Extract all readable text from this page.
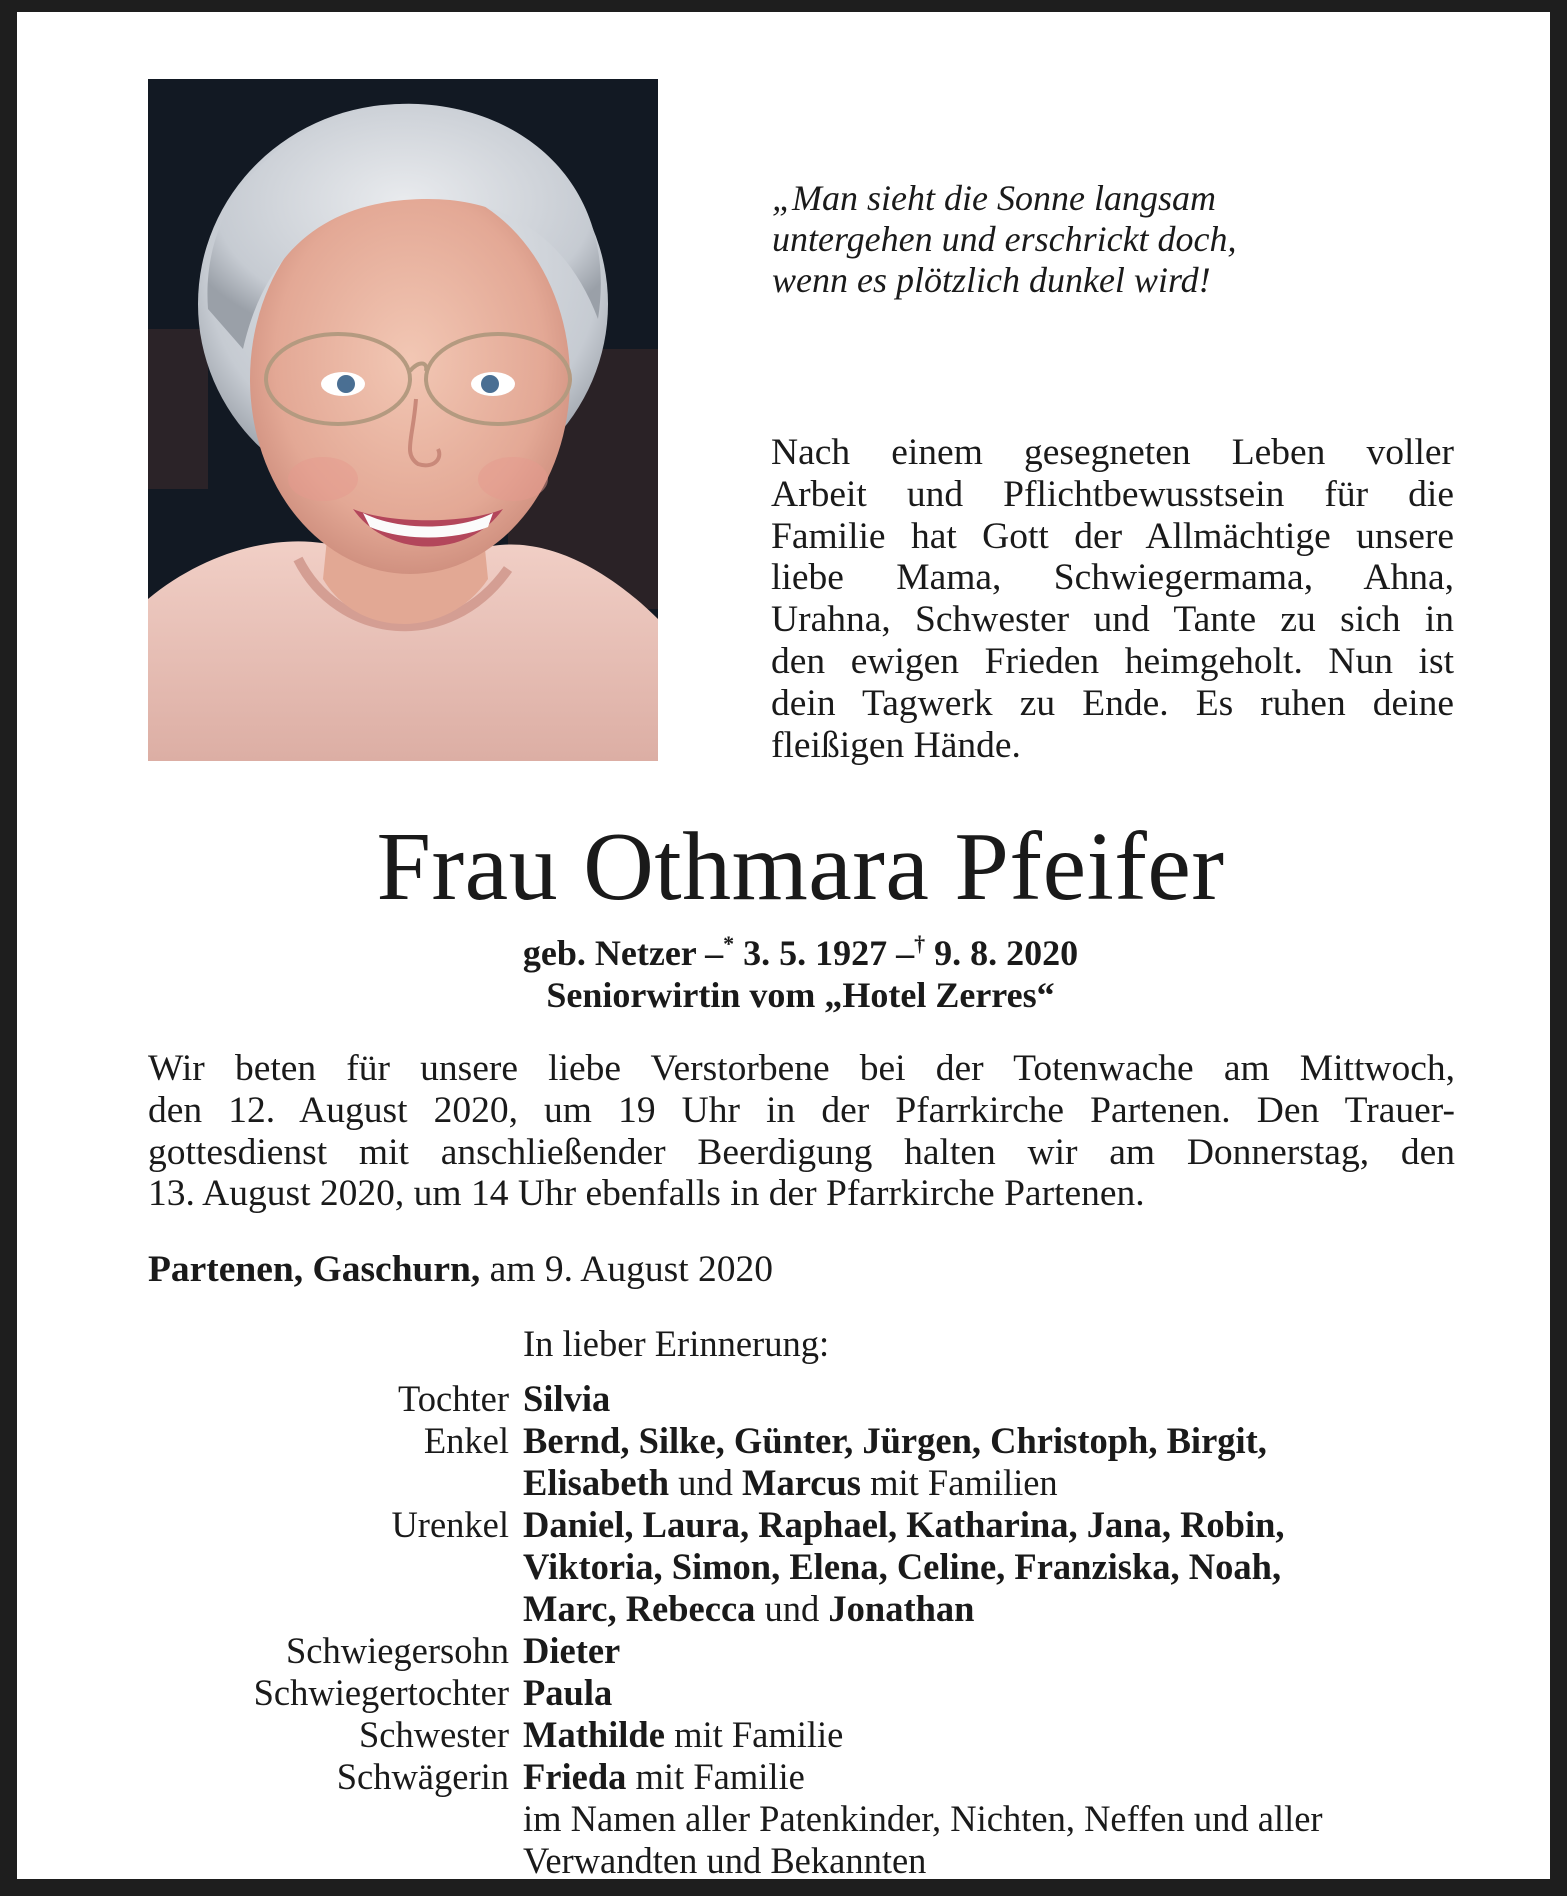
„Man sieht die Sonne langsam
untergehen und erschrickt doch,
wenn es plötzlich dunkel wird!
Nach einem gesegneten Leben voller
Arbeit und Pflichtbewusstsein für die
Familie hat Gott der Allmächtige unsere
liebe Mama, Schwiegermama, Ahna,
Urahna, Schwester und Tante zu sich in
den ewigen Frieden heimgeholt. Nun ist
dein Tagwerk zu Ende. Es ruhen deine
fleißigen Hände.
Frau Othmara Pfeifer
geb. Netzer –* 3. 5. 1927 –† 9. 8. 2020
Seniorwirtin vom „Hotel Zerres“
Wir beten für unsere liebe Verstorbene bei der Totenwache am Mittwoch,
den 12. August 2020, um 19 Uhr in der Pfarrkirche Partenen. Den Trauer-
gottesdienst mit anschließender Beerdigung halten wir am Donnerstag, den
13. August 2020, um 14 Uhr ebenfalls in der Pfarrkirche Partenen.
Partenen, Gaschurn, am 9. August 2020
In lieber Erinnerung:
Tochter Silvia
Enkel Bernd, Silke, Günter, Jürgen, Christoph, Birgit,
Elisabeth und Marcus mit Familien
Urenkel Daniel, Laura, Raphael, Katharina, Jana, Robin,
Viktoria, Simon, Elena, Celine, Franziska, Noah,
Marc, Rebecca und Jonathan
Schwiegersohn Dieter
Schwiegertochter Paula
Schwester Mathilde mit Familie
Schwägerin Frieda mit Familie
im Namen aller Patenkinder, Nichten, Neffen und aller
Verwandten und Bekannten
